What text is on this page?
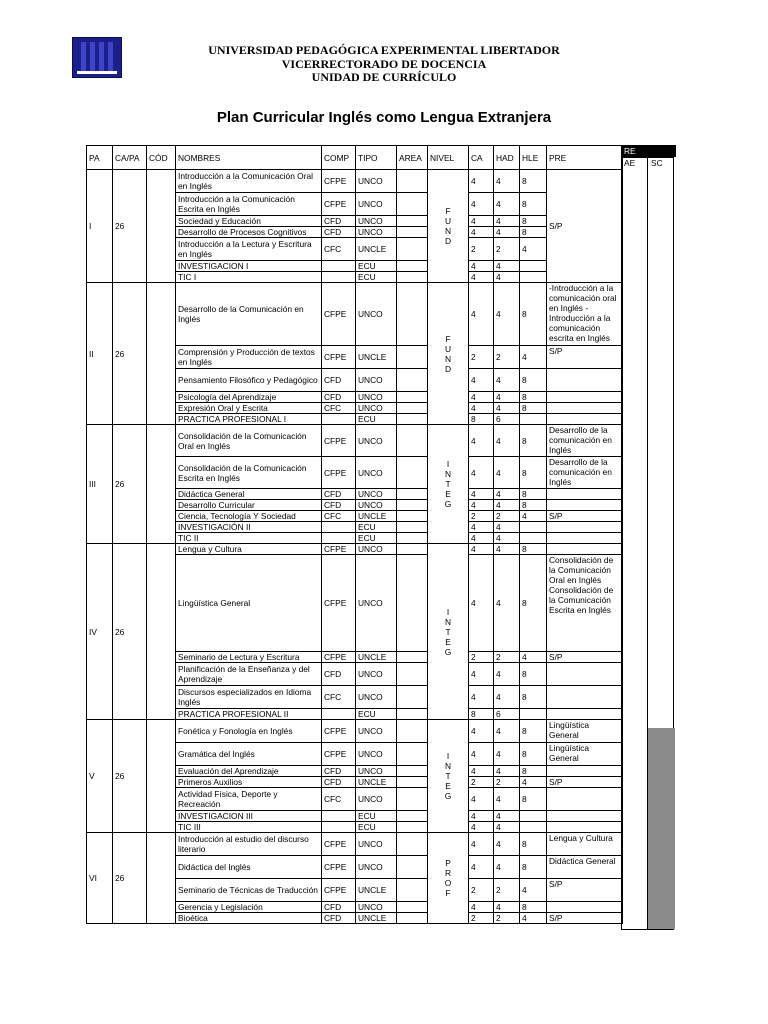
UNIVERSIDAD PEDAGÓGICA EXPERIMENTAL LIBERTADOR
VICERRECTORADO DE DOCENCIA
UNIDAD DE CURRÍCULO
Plan Curricular Inglés como Lengua Extranjera
PA	CA/PA	CÓD	NOMBRES	COMP	TIPO	AREA	NIVEL	CA	HAD	HLE	PRE
I	26		Introducción a la Comunicación Oral en Inglés	CFPE	UNCO		F U N D	4	4	8	S/P
			Introducción a la Comunicación Escrita en Inglés	CFPE	UNCO			4	4	8	
			Sociedad y Educación	CFD	UNCO			4	4	8	
			Desarrollo de Procesos Cognitivos	CFD	UNCO			4	4	8	
			Introducción a la Lectura y Escritura en Inglés	CFC	UNCLE			2	2	4	
			INVESTIGACION I		ECU			4	4		
			TIC I		ECU			4	4		
II	26		Desarrollo de la Comunicación en Inglés	CFPE	UNCO		F U N D	4	4	8	-Introducción a la comunicación oral en Inglés -Introducción a la comunicación escrita en Inglés
			Comprensión y Producción de textos en Inglés	CFPE	UNCLE			2	2	4	S/P
			Pensamiento Filosófico y Pedagógico	CFD	UNCO			4	4	8	
			Psicología del Aprendizaje	CFD	UNCO			4	4	8	
			Expresión Oral y Escrita	CFC	UNCO			4	4	8	
			PRACTICA PROFESIONAL I		ECU			8	6		
III	26		Consolidación de la Comunicación Oral en Inglés	CFPE	UNCO		I N T E G	4	4	8	Desarrollo de la comunicación en Inglés
			Consolidación de la Comunicación Escrita en Inglés	CFPE	UNCO			4	4	8	Desarrollo de la comunicación en Inglés
			Didáctica General	CFD	UNCO			4	4	8	
			Desarrollo Curricular	CFD	UNCO			4	4	8	
			Ciencia, Tecnología Y Sociedad	CFC	UNCLE			2	2	4	S/P
			INVESTIGACIÓN II		ECU			4	4		
			TIC II		ECU			4	4		
IV	26		Lengua y Cultura	CFPE	UNCO		I N T E G	4	4	8	
			Lingüística General	CFPE	UNCO			4	4	8	Consolidación de la Comunicación Oral en Inglés Consolidación de la Comunicación Escrita en Inglés
			Seminario de Lectura y Escritura	CFPE	UNCLE			2	2	4	S/P
			Planificación de la Enseñanza y del Aprendizaje	CFD	UNCO			4	4	8	
			Discursos especializados en Idioma Inglés	CFC	UNCO			4	4	8	
			PRACTICA PROFESIONAL II		ECU			8	6		
V	26		Fonética y Fonología en Inglés	CFPE	UNCO		I N T E G	4	4	8	Lingüística General
			Gramática del Inglés	CFPE	UNCO			4	4	8	Lingüística General
			Evaluación del Aprendizaje	CFD	UNCO			4	4	8	
			Primeros Auxilios	CFD	UNCLE			2	2	4	S/P
			Actividad Física, Deporte y Recreación	CFC	UNCO			4	4	8	
			INVESTIGACION III		ECU			4	4		
			TIC III		ECU			4	4		
VI	26		Introducción al estudio del discurso literario	CFPE	UNCO		P R O F	4	4	8	Lengua y Cultura
			Didáctica del Inglés	CFPE	UNCO			4	4	8	Didáctica General
			Seminario de Técnicas de Traducción	CFPE	UNCLE			2	2	4	S/P
			Gerencia y Legislación	CFD	UNCO			4	4	8	
			Bioética	CFD	UNCLE			2	2	4	S/P
RE
AE SC
